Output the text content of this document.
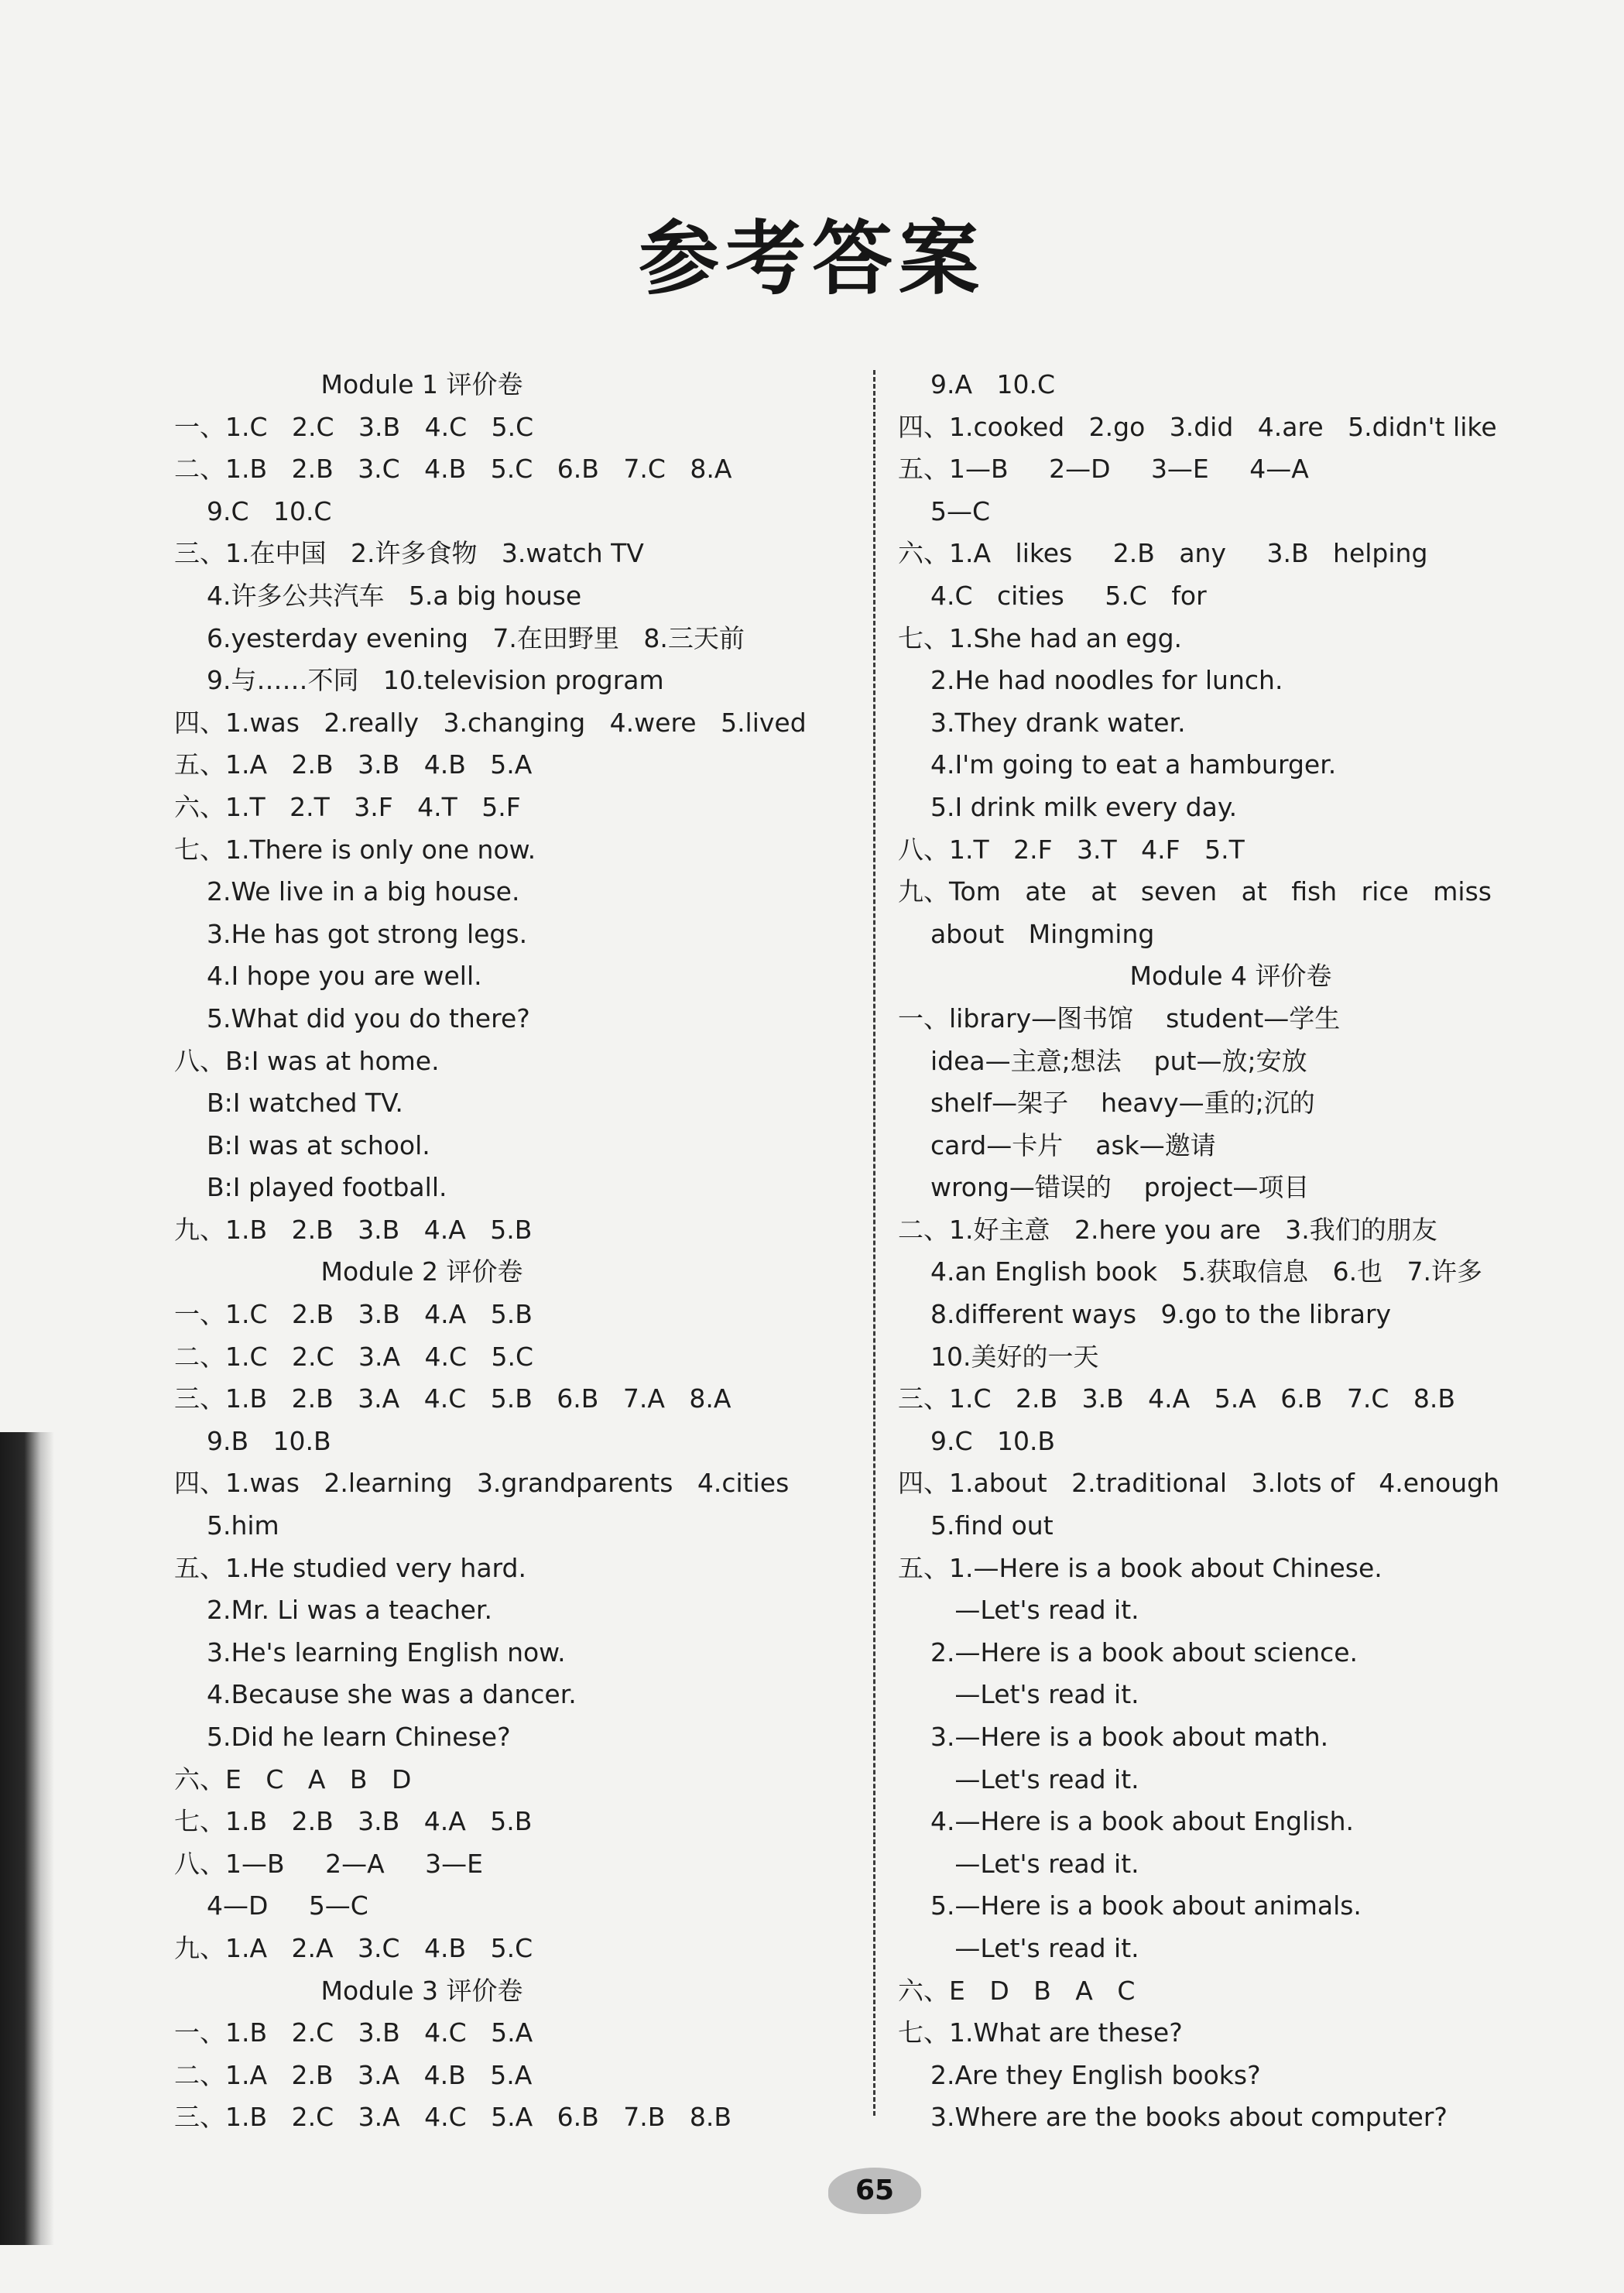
参考答案
Module 1 评价卷
一、1.C   2.C   3.B   4.C   5.C
二、1.B   2.B   3.C   4.B   5.C   6.B   7.C   8.A
9.C   10.C
三、1.在中国   2.许多食物   3.watch TV
4.许多公共汽车   5.a big house
6.yesterday evening   7.在田野里   8.三天前
9.与……不同   10.television program
四、1.was   2.really   3.changing   4.were   5.lived
五、1.A   2.B   3.B   4.B   5.A
六、1.T   2.T   3.F   4.T   5.F
七、1.There is only one now.
2.We live in a big house.
3.He has got strong legs.
4.I hope you are well.
5.What did you do there?
八、B:I was at home.
B:I watched TV.
B:I was at school.
B:I played football.
九、1.B   2.B   3.B   4.A   5.B
Module 2 评价卷
一、1.C   2.B   3.B   4.A   5.B
二、1.C   2.C   3.A   4.C   5.C
三、1.B   2.B   3.A   4.C   5.B   6.B   7.A   8.A
9.B   10.B
四、1.was   2.learning   3.grandparents   4.cities
5.him
五、1.He studied very hard.
2.Mr. Li was a teacher.
3.He's learning English now.
4.Because she was a dancer.
5.Did he learn Chinese?
六、E   C   A   B   D
七、1.B   2.B   3.B   4.A   5.B
八、1—B     2—A     3—E
4—D     5—C
九、1.A   2.A   3.C   4.B   5.C
Module 3 评价卷
一、1.B   2.C   3.B   4.C   5.A
二、1.A   2.B   3.A   4.B   5.A
三、1.B   2.C   3.A   4.C   5.A   6.B   7.B   8.B
9.A   10.C
四、1.cooked   2.go   3.did   4.are   5.didn't like
五、1—B     2—D     3—E     4—A
5—C
六、1.A   likes     2.B   any     3.B   helping
4.C   cities     5.C   for
七、1.She had an egg.
2.He had noodles for lunch.
3.They drank water.
4.I'm going to eat a hamburger.
5.I drink milk every day.
八、1.T   2.F   3.T   4.F   5.T
九、Tom   ate   at   seven   at   fish   rice   miss
about   Mingming
Module 4 评价卷
一、library—图书馆    student—学生
idea—主意;想法    put—放;安放
shelf—架子    heavy—重的;沉的
card—卡片    ask—邀请
wrong—错误的    project—项目
二、1.好主意   2.here you are   3.我们的朋友
4.an English book   5.获取信息   6.也   7.许多
8.different ways   9.go to the library
10.美好的一天
三、1.C   2.B   3.B   4.A   5.A   6.B   7.C   8.B
9.C   10.B
四、1.about   2.traditional   3.lots of   4.enough
5.find out
五、1.—Here is a book about Chinese.
—Let's read it.
2.—Here is a book about science.
—Let's read it.
3.—Here is a book about math.
—Let's read it.
4.—Here is a book about English.
—Let's read it.
5.—Here is a book about animals.
—Let's read it.
六、E   D   B   A   C
七、1.What are these?
2.Are they English books?
3.Where are the books about computer?
65
